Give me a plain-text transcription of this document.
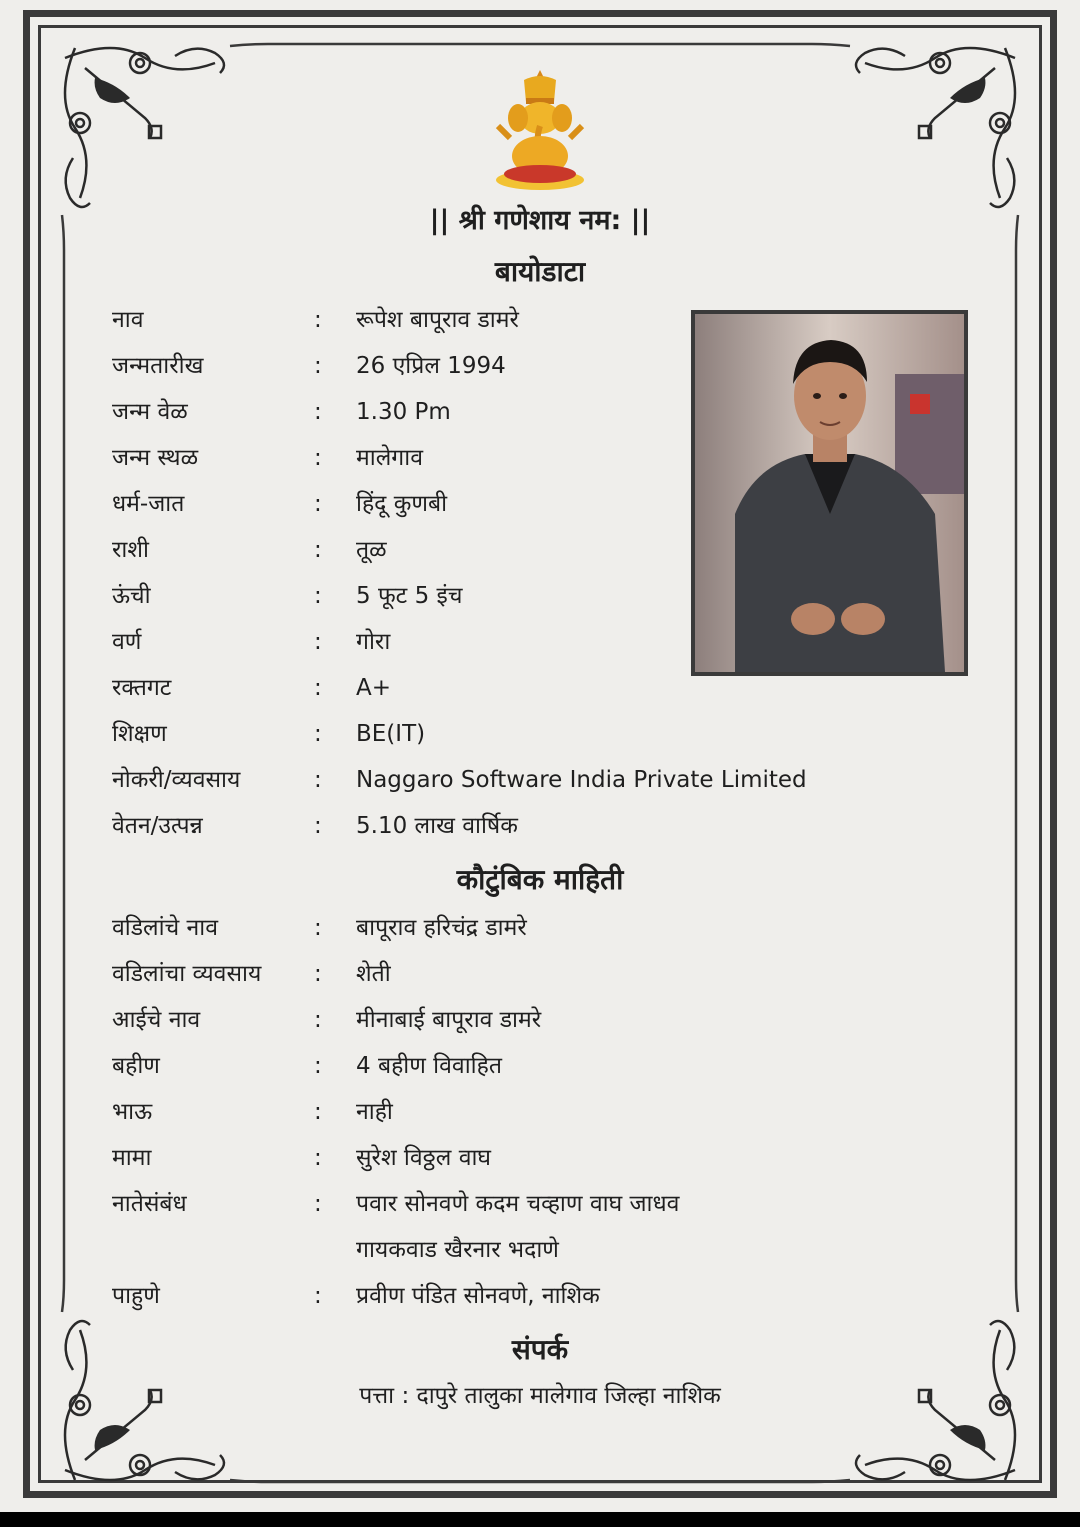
|| श्री गणेशाय नम: ||
बायोडाटा
नाव	: रूपेश बापूराव डामरे
जन्मतारीख	: 26 एप्रिल 1994
जन्म वेळ	: 1.30 Pm
जन्म स्थळ	: मालेगाव
धर्म-जात	: हिंदू कुणबी
राशी	: तूळ
ऊंची	: 5 फूट 5 इंच
वर्ण	: गोरा
रक्तगट	: A+
शिक्षण	: BE(IT)
नोकरी/व्यवसाय	: Naggaro Software India Private Limited
वेतन/उत्पन्न	: 5.10 लाख वार्षिक
कौटुंबिक माहिती
वडिलांचे नाव	: बापूराव हरिचंद्र डामरे
वडिलांचा व्यवसाय : शेती
आईचे नाव	: मीनाबाई बापूराव डामरे
बहीण	: 4 बहीण विवाहित
भाऊ	: नाही
मामा	: सुरेश विठ्ठल वाघ
नातेसंबंध	: पवार सोनवणे कदम चव्हाण वाघ जाधव
गायकवाड खैरनार भदाणे
पाहुणे	: प्रवीण पंडित सोनवणे, नाशिक
संपर्क
पत्ता : दापुरे तालुका मालेगाव जिल्हा नाशिक
